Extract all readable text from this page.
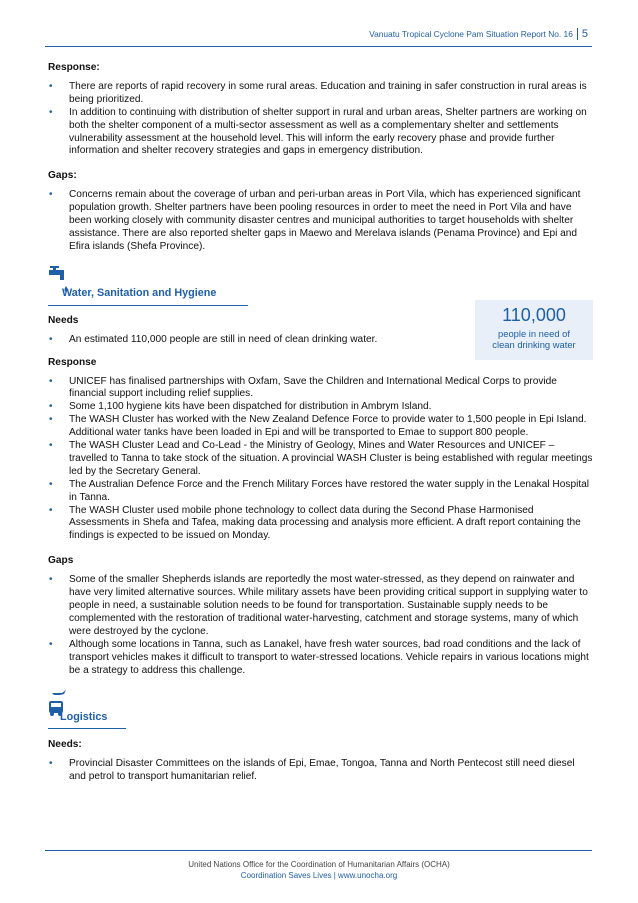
Vanuatu Tropical Cyclone Pam Situation Report No. 16 5
Response:
• There are reports of rapid recovery in some rural areas. Education and training in safer construction in rural areas is being prioritized.
• In addition to continuing with distribution of shelter support in rural and urban areas, Shelter partners are working on both the shelter component of a multi-sector assessment as well as a complementary shelter and settlements vulnerability assessment at the household level. This will inform the early recovery phase and provide further information and shelter recovery strategies and gaps in emergency distribution.
Gaps:
• Concerns remain about the coverage of urban and peri-urban areas in Port Vila, which has experienced significant population growth. Shelter partners have been pooling resources in order to meet the need in Port Vila and have been working closely with community disaster centres and municipal authorities to target households with shelter assistance. There are also reported shelter gaps in Maewo and Merelava islands (Penama Province) and Epi and Efira islands (Shefa Province).
Water, Sanitation and Hygiene
Needs
• An estimated 110,000 people are still in need of clean drinking water.
110,000
people in need of
clean drinking water
Response
• UNICEF has finalised partnerships with Oxfam, Save the Children and International Medical Corps to provide financial support including relief supplies.
• Some 1,100 hygiene kits have been dispatched for distribution in Ambrym Island.
• The WASH Cluster has worked with the New Zealand Defence Force to provide water to 1,500 people in Epi Island. Additional water tanks have been loaded in Epi and will be transported to Emae to support 800 people.
• The WASH Cluster Lead and Co-Lead - the Ministry of Geology, Mines and Water Resources and UNICEF – travelled to Tanna to take stock of the situation. A provincial WASH Cluster is being established with regular meetings led by the Secretary General.
• The Australian Defence Force and the French Military Forces have restored the water supply in the Lenakal Hospital in Tanna.
• The WASH Cluster used mobile phone technology to collect data during the Second Phase Harmonised Assessments in Shefa and Tafea, making data processing and analysis more efficient. A draft report containing the findings is expected to be issued on Monday.
Gaps
• Some of the smaller Shepherds islands are reportedly the most water-stressed, as they depend on rainwater and have very limited alternative sources. While military assets have been providing critical support in supplying water to people in need, a sustainable solution needs to be found for transportation. Sustainable supply needs to be complemented with the restoration of traditional water-harvesting, catchment and storage systems, many of which were destroyed by the cyclone.
• Although some locations in Tanna, such as Lanakel, have fresh water sources, bad road conditions and the lack of transport vehicles makes it difficult to transport to water-stressed locations. Vehicle repairs in various locations might be a strategy to address this challenge.
Logistics
Needs:
• Provincial Disaster Committees on the islands of Epi, Emae, Tongoa, Tanna and North Pentecost still need diesel and petrol to transport humanitarian relief.
United Nations Office for the Coordination of Humanitarian Affairs (OCHA)
Coordination Saves Lives | www.unocha.org
